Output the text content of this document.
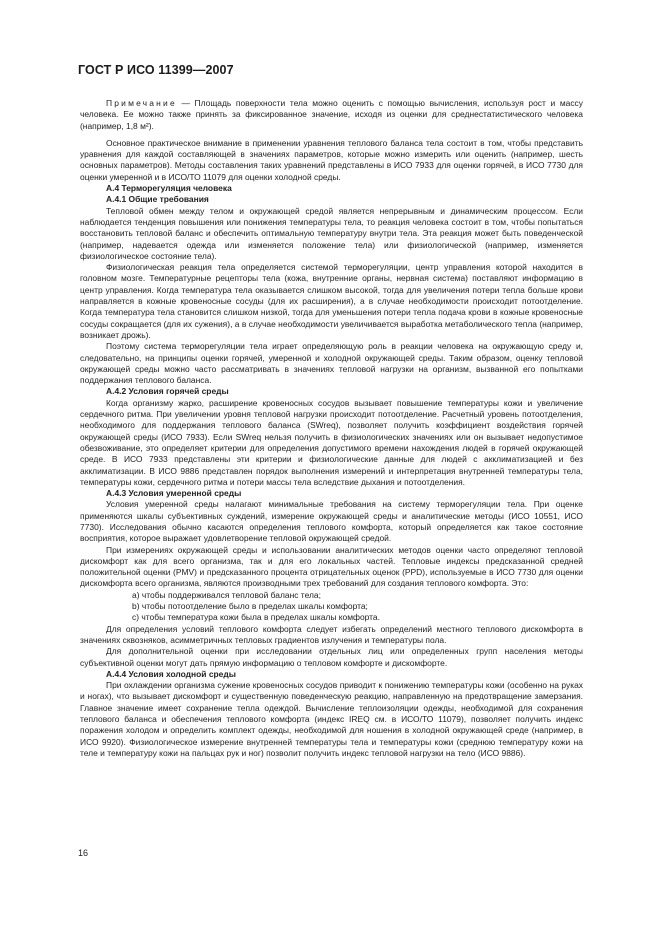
ГОСТ Р ИСО 11399—2007

Примечание — Площадь поверхности тела можно оценить с помощью вычисления, используя рост и массу человека. Ее можно также принять за фиксированное значение, исходя из оценки для среднестатистического человека (например, 1,8 м²).

Основное практическое внимание в применении уравнения теплового баланса тела состоит в том, чтобы представить уравнения для каждой составляющей в значениях параметров, которые можно измерить или оценить (например, шесть основных параметров). Методы составления таких уравнений представлены в ИСО 7933 для оценки горячей, в ИСО 7730 для оценки умеренной и в ИСО/ТО 11079 для оценки холодной среды.

А.4 Терморегуляция человека
А.4.1 Общие требования

Тепловой обмен между телом и окружающей средой является непрерывным и динамическим процессом. Если наблюдается тенденция повышения или понижения температуры тела, то реакция человека состоит в том, чтобы попытаться восстановить тепловой баланс и обеспечить оптимальную температуру внутри тела. Эта реакция может быть поведенческой (например, надевается одежда или изменяется положение тела) или физиологической (например, изменяется физиологическое состояние тела).

Физиологическая реакция тела определяется системой терморегуляции, центр управления которой находится в головном мозге. Температурные рецепторы тела (кожа, внутренние органы, нервная система) поставляют информацию в центр управления. Когда температура тела оказывается слишком высокой, тогда для увеличения потери тепла больше крови направляется в кожные кровеносные сосуды (для их расширения), а в случае необходимости происходит потоотделение. Когда температура тела становится слишком низкой, тогда для уменьшения потери тепла подача крови в кожные кровеносные сосуды сокращается (для их сужения), а в случае необходимости увеличивается выработка метаболического тепла (например, возникает дрожь).

Поэтому система терморегуляции тела играет определяющую роль в реакции человека на окружающую среду и, следовательно, на принципы оценки горячей, умеренной и холодной окружающей среды. Таким образом, оценку тепловой окружающей среды можно часто рассматривать в значениях тепловой нагрузки на организм, вызванной его попытками поддержания теплового баланса.

А.4.2 Условия горячей среды

Когда организму жарко, расширение кровеносных сосудов вызывает повышение температуры кожи и увеличение сердечного ритма. При увеличении уровня тепловой нагрузки происходит потоотделение. Расчетный уровень потоотделения, необходимого для поддержания теплового баланса (SWreq), позволяет получить коэффициент воздействия горячей окружающей среды (ИСО 7933). Если SWreq нельзя получить в физиологических значениях или он вызывает недопустимое обезвоживание, это определяет критерии для определения допустимого времени нахождения людей в горячей окружающей среде. В ИСО 7933 представлены эти критерии и физиологические данные для людей с акклиматизацией и без акклиматизации. В ИСО 9886 представлен порядок выполнения измерений и интерпретация внутренней температуры тела, температуры кожи, сердечного ритма и потери массы тела вследствие дыхания и потоотделения.

А.4.3 Условия умеренной среды

Условия умеренной среды налагают минимальные требования на систему терморегуляции тела. При оценке применяются шкалы субъективных суждений, измерение окружающей среды и аналитические методы (ИСО 10551, ИСО 7730). Исследования обычно касаются определения теплового комфорта, который определяется как такое состояние восприятия, которое выражает удовлетворение тепловой окружающей средой.

При измерениях окружающей среды и использовании аналитических методов оценки часто определяют тепловой дискомфорт как для всего организма, так и для его локальных частей. Тепловые индексы предсказанной средней положительной оценки (PMV) и предсказанного процента отрицательных оценок (PPD), используемые в ИСО 7730 для оценки дискомфорта всего организма, являются производными трех требований для создания теплового комфорта. Это:

а) чтобы поддерживался тепловой баланс тела;

b) чтобы потоотделение было в пределах шкалы комфорта;

с) чтобы температура кожи была в пределах шкалы комфорта.

Для определения условий теплового комфорта следует избегать определений местного теплового дискомфорта в значениях сквозняков, асимметричных тепловых градиентов излучения и температуры пола.

Для дополнительной оценки при исследовании отдельных лиц или определенных групп населения методы субъективной оценки могут дать прямую информацию о тепловом комфорте и дискомфорте.

А.4.4 Условия холодной среды

При охлаждении организма сужение кровеносных сосудов приводит к понижению температуры кожи (особенно на руках и ногах), что вызывает дискомфорт и существенную поведенческую реакцию, направленную на предотвращение замерзания. Главное значение имеет сохранение тепла одеждой. Вычисление теплоизоляции одежды, необходимой для сохранения теплового баланса и обеспечения теплового комфорта (индекс IREQ см. в ИСО/ТО 11079), позволяет получить индекс поражения холодом и определить комплект одежды, необходимой для ношения в холодной окружающей среде (например, в ИСО 9920). Физиологическое измерение внутренней температуры тела и температуры кожи (среднюю температуру кожи на теле и температуру кожи на пальцах рук и ног) позволит получить индекс тепловой нагрузки на тело (ИСО 9886).

16
